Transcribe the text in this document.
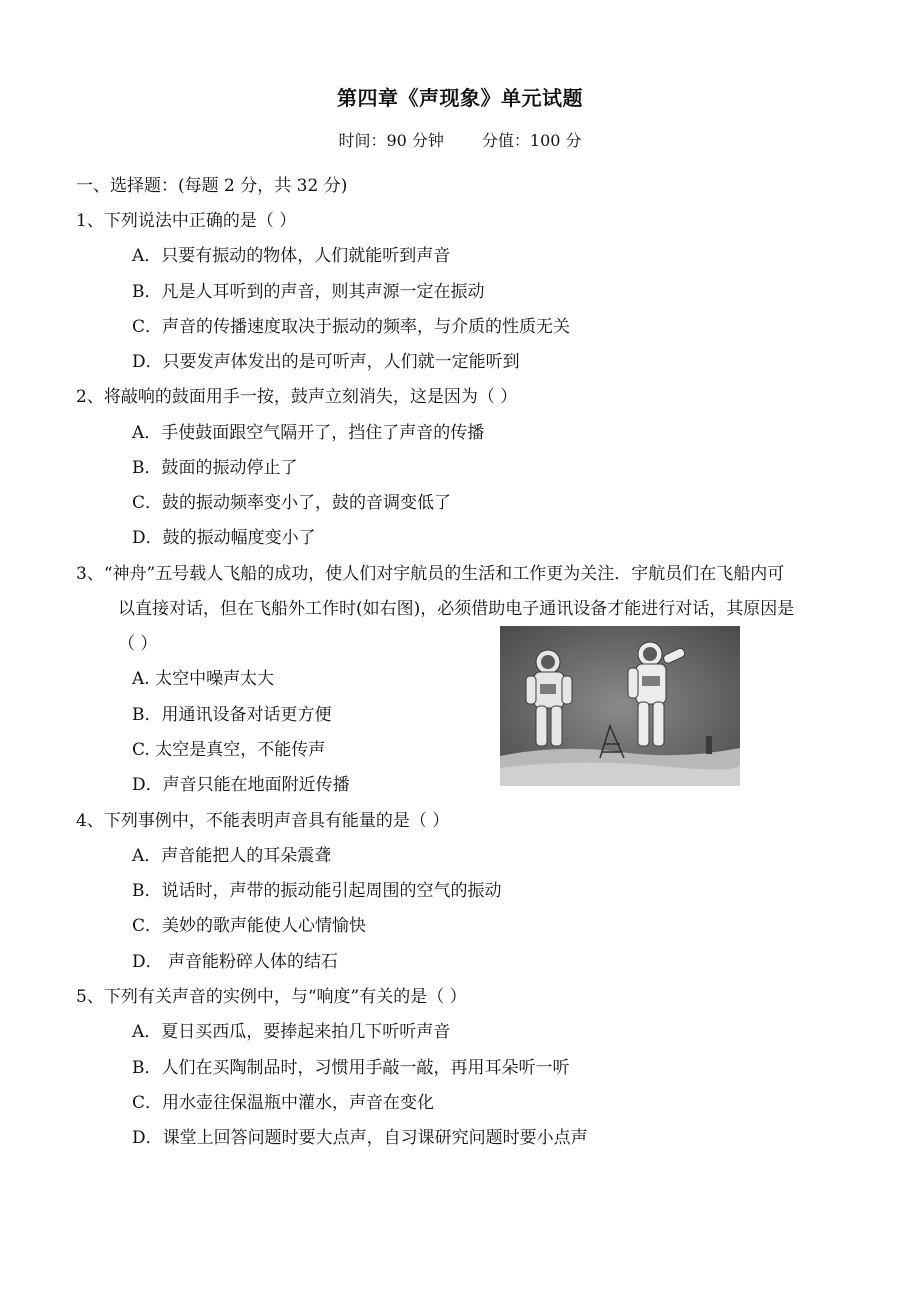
第四章《声现象》单元试题
时间：90 分钟 分值：100 分
一、选择题：(每题 2 分，共 32 分)
1、下列说法中正确的是（ ）
A．只要有振动的物体，人们就能听到声音
B．凡是人耳听到的声音，则其声源一定在振动
C．声音的传播速度取决于振动的频率，与介质的性质无关
D．只要发声体发出的是可听声，人们就一定能听到
2、将敲响的鼓面用手一按，鼓声立刻消失，这是因为（ ）
A．手使鼓面跟空气隔开了，挡住了声音的传播
B．鼓面的振动停止了
C．鼓的振动频率变小了，鼓的音调变低了
D．鼓的振动幅度变小了
3、“神舟”五号载人飞船的成功，使人们对宇航员的生活和工作更为关注．宇航员们在飞船内可
以直接对话，但在飞船外工作时(如右图)，必须借助电子通讯设备才能进行对话，其原因是
（ ）
A. 太空中噪声太大
B．用通讯设备对话更方便
C. 太空是真空，不能传声
D．声音只能在地面附近传播
4、下列事例中，不能表明声音具有能量的是（ ）
A．声音能把人的耳朵震聋
B．说话时，声带的振动能引起周围的空气的振动
C．美妙的歌声能使人心情愉快
D． 声音能粉碎人体的结石
5、下列有关声音的实例中，与“响度”有关的是（ ）
A．夏日买西瓜，要捧起来拍几下听听声音
B．人们在买陶制品时，习惯用手敲一敲，再用耳朵听一听
C．用水壶往保温瓶中灌水，声音在变化
D．课堂上回答问题时要大点声，自习课研究问题时要小点声
